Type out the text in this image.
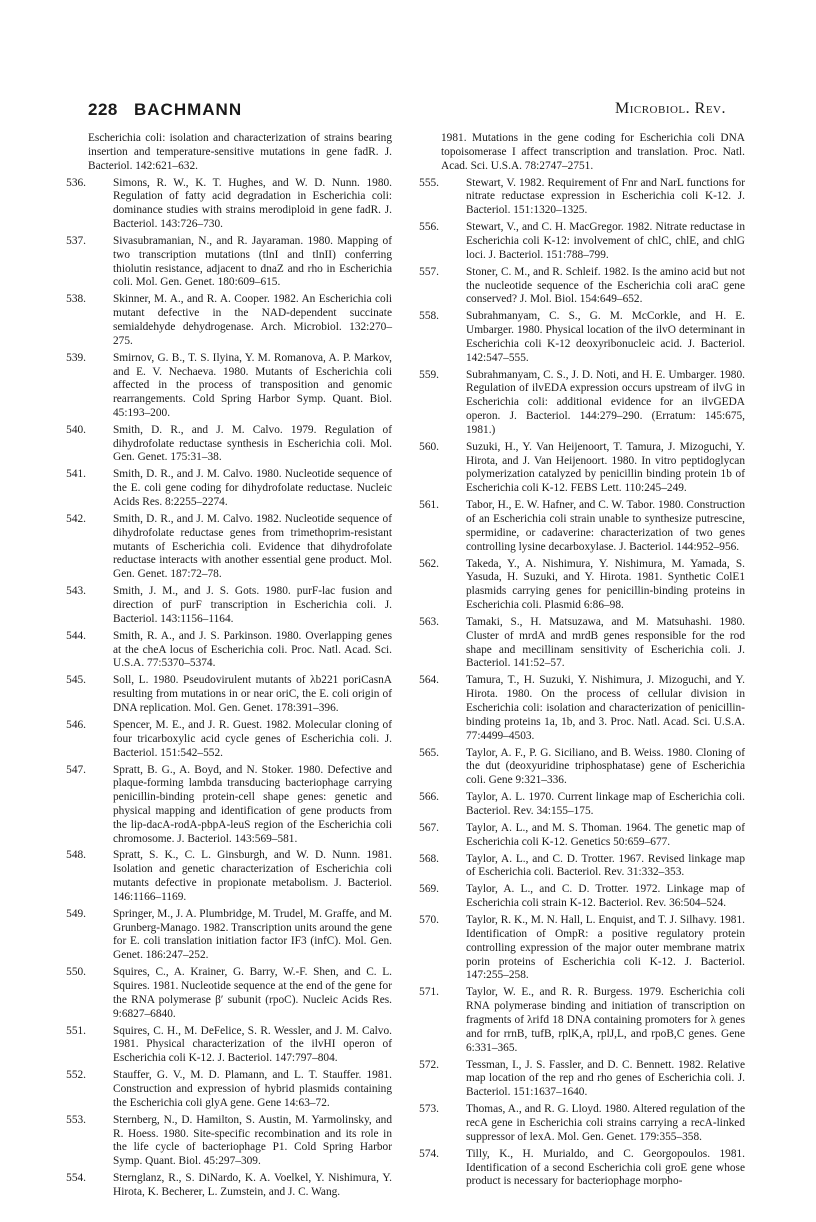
228 BACHMANN	Microbiol. Rev.
Escherichia coli: isolation and characterization of strains bearing insertion and temperature-sensitive mutations in gene fadR. J. Bacteriol. 142:621–632.
536. Simons, R. W., K. T. Hughes, and W. D. Nunn. 1980. Regulation of fatty acid degradation in Escherichia coli: dominance studies with strains merodiploid in gene fadR. J. Bacteriol. 143:726–730.
537. Sivasubramanian, N., and R. Jayaraman. 1980. Mapping of two transcription mutations (tlnI and tlnII) conferring thiolutin resistance, adjacent to dnaZ and rho in Escherichia coli. Mol. Gen. Genet. 180:609–615.
538. Skinner, M. A., and R. A. Cooper. 1982. An Escherichia coli mutant defective in the NAD-dependent succinate semialdehyde dehydrogenase. Arch. Microbiol. 132:270–275.
539. Smirnov, G. B., T. S. Ilyina, Y. M. Romanova, A. P. Markov, and E. V. Nechaeva. 1980. Mutants of Escherichia coli affected in the process of transposition and genomic rearrangements. Cold Spring Harbor Symp. Quant. Biol. 45:193–200.
540. Smith, D. R., and J. M. Calvo. 1979. Regulation of dihydrofolate reductase synthesis in Escherichia coli. Mol. Gen. Genet. 175:31–38.
541. Smith, D. R., and J. M. Calvo. 1980. Nucleotide sequence of the E. coli gene coding for dihydrofolate reductase. Nucleic Acids Res. 8:2255–2274.
542. Smith, D. R., and J. M. Calvo. 1982. Nucleotide sequence of dihydrofolate reductase genes from trimethoprim-resistant mutants of Escherichia coli. Evidence that dihydrofolate reductase interacts with another essential gene product. Mol. Gen. Genet. 187:72–78.
543. Smith, J. M., and J. S. Gots. 1980. purF-lac fusion and direction of purF transcription in Escherichia coli. J. Bacteriol. 143:1156–1164.
544. Smith, R. A., and J. S. Parkinson. 1980. Overlapping genes at the cheA locus of Escherichia coli. Proc. Natl. Acad. Sci. U.S.A. 77:5370–5374.
545. Soll, L. 1980. Pseudovirulent mutants of λb221 poriCasnA resulting from mutations in or near oriC, the E. coli origin of DNA replication. Mol. Gen. Genet. 178:391–396.
546. Spencer, M. E., and J. R. Guest. 1982. Molecular cloning of four tricarboxylic acid cycle genes of Escherichia coli. J. Bacteriol. 151:542–552.
547. Spratt, B. G., A. Boyd, and N. Stoker. 1980. Defective and plaque-forming lambda transducing bacteriophage carrying penicillin-binding protein-cell shape genes: genetic and physical mapping and identification of gene products from the lip-dacA-rodA-pbpA-leuS region of the Escherichia coli chromosome. J. Bacteriol. 143:569–581.
548. Spratt, S. K., C. L. Ginsburgh, and W. D. Nunn. 1981. Isolation and genetic characterization of Escherichia coli mutants defective in propionate metabolism. J. Bacteriol. 146:1166–1169.
549. Springer, M., J. A. Plumbridge, M. Trudel, M. Graffe, and M. Grunberg-Manago. 1982. Transcription units around the gene for E. coli translation initiation factor IF3 (infC). Mol. Gen. Genet. 186:247–252.
550. Squires, C., A. Krainer, G. Barry, W.-F. Shen, and C. L. Squires. 1981. Nucleotide sequence at the end of the gene for the RNA polymerase β′ subunit (rpoC). Nucleic Acids Res. 9:6827–6840.
551. Squires, C. H., M. DeFelice, S. R. Wessler, and J. M. Calvo. 1981. Physical characterization of the ilvHI operon of Escherichia coli K-12. J. Bacteriol. 147:797–804.
552. Stauffer, G. V., M. D. Plamann, and L. T. Stauffer. 1981. Construction and expression of hybrid plasmids containing the Escherichia coli glyA gene. Gene 14:63–72.
553. Sternberg, N., D. Hamilton, S. Austin, M. Yarmolinsky, and R. Hoess. 1980. Site-specific recombination and its role in the life cycle of bacteriophage P1. Cold Spring Harbor Symp. Quant. Biol. 45:297–309.
554. Sternglanz, R., S. DiNardo, K. A. Voelkel, Y. Nishimura, Y. Hirota, K. Becherer, L. Zumstein, and J. C. Wang.
1981. Mutations in the gene coding for Escherichia coli DNA topoisomerase I affect transcription and translation. Proc. Natl. Acad. Sci. U.S.A. 78:2747–2751.
555. Stewart, V. 1982. Requirement of Fnr and NarL functions for nitrate reductase expression in Escherichia coli K-12. J. Bacteriol. 151:1320–1325.
556. Stewart, V., and C. H. MacGregor. 1982. Nitrate reductase in Escherichia coli K-12: involvement of chlC, chlE, and chlG loci. J. Bacteriol. 151:788–799.
557. Stoner, C. M., and R. Schleif. 1982. Is the amino acid but not the nucleotide sequence of the Escherichia coli araC gene conserved? J. Mol. Biol. 154:649–652.
558. Subrahmanyam, C. S., G. M. McCorkle, and H. E. Umbarger. 1980. Physical location of the ilvO determinant in Escherichia coli K-12 deoxyribonucleic acid. J. Bacteriol. 142:547–555.
559. Subrahmanyam, C. S., J. D. Noti, and H. E. Umbarger. 1980. Regulation of ilvEDA expression occurs upstream of ilvG in Escherichia coli: additional evidence for an ilvGEDA operon. J. Bacteriol. 144:279–290. (Erratum: 145:675, 1981.)
560. Suzuki, H., Y. Van Heijenoort, T. Tamura, J. Mizoguchi, Y. Hirota, and J. Van Heijenoort. 1980. In vitro peptidoglycan polymerization catalyzed by penicillin binding protein 1b of Escherichia coli K-12. FEBS Lett. 110:245–249.
561. Tabor, H., E. W. Hafner, and C. W. Tabor. 1980. Construction of an Escherichia coli strain unable to synthesize putrescine, spermidine, or cadaverine: characterization of two genes controlling lysine decarboxylase. J. Bacteriol. 144:952–956.
562. Takeda, Y., A. Nishimura, Y. Nishimura, M. Yamada, S. Yasuda, H. Suzuki, and Y. Hirota. 1981. Synthetic ColE1 plasmids carrying genes for penicillin-binding proteins in Escherichia coli. Plasmid 6:86–98.
563. Tamaki, S., H. Matsuzawa, and M. Matsuhashi. 1980. Cluster of mrdA and mrdB genes responsible for the rod shape and mecillinam sensitivity of Escherichia coli. J. Bacteriol. 141:52–57.
564. Tamura, T., H. Suzuki, Y. Nishimura, J. Mizoguchi, and Y. Hirota. 1980. On the process of cellular division in Escherichia coli: isolation and characterization of penicillin-binding proteins 1a, 1b, and 3. Proc. Natl. Acad. Sci. U.S.A. 77:4499–4503.
565. Taylor, A. F., P. G. Siciliano, and B. Weiss. 1980. Cloning of the dut (deoxyuridine triphosphatase) gene of Escherichia coli. Gene 9:321–336.
566. Taylor, A. L. 1970. Current linkage map of Escherichia coli. Bacteriol. Rev. 34:155–175.
567. Taylor, A. L., and M. S. Thoman. 1964. The genetic map of Escherichia coli K-12. Genetics 50:659–677.
568. Taylor, A. L., and C. D. Trotter. 1967. Revised linkage map of Escherichia coli. Bacteriol. Rev. 31:332–353.
569. Taylor, A. L., and C. D. Trotter. 1972. Linkage map of Escherichia coli strain K-12. Bacteriol. Rev. 36:504–524.
570. Taylor, R. K., M. N. Hall, L. Enquist, and T. J. Silhavy. 1981. Identification of OmpR: a positive regulatory protein controlling expression of the major outer membrane matrix porin proteins of Escherichia coli K-12. J. Bacteriol. 147:255–258.
571. Taylor, W. E., and R. R. Burgess. 1979. Escherichia coli RNA polymerase binding and initiation of transcription on fragments of λrifd 18 DNA containing promoters for λ genes and for rrnB, tufB, rplK,A, rplJ,L, and rpoB,C genes. Gene 6:331–365.
572. Tessman, I., J. S. Fassler, and D. C. Bennett. 1982. Relative map location of the rep and rho genes of Escherichia coli. J. Bacteriol. 151:1637–1640.
573. Thomas, A., and R. G. Lloyd. 1980. Altered regulation of the recA gene in Escherichia coli strains carrying a recA-linked suppressor of lexA. Mol. Gen. Genet. 179:355–358.
574. Tilly, K., H. Murialdo, and C. Georgopoulos. 1981. Identification of a second Escherichia coli groE gene whose product is necessary for bacteriophage morpho-
